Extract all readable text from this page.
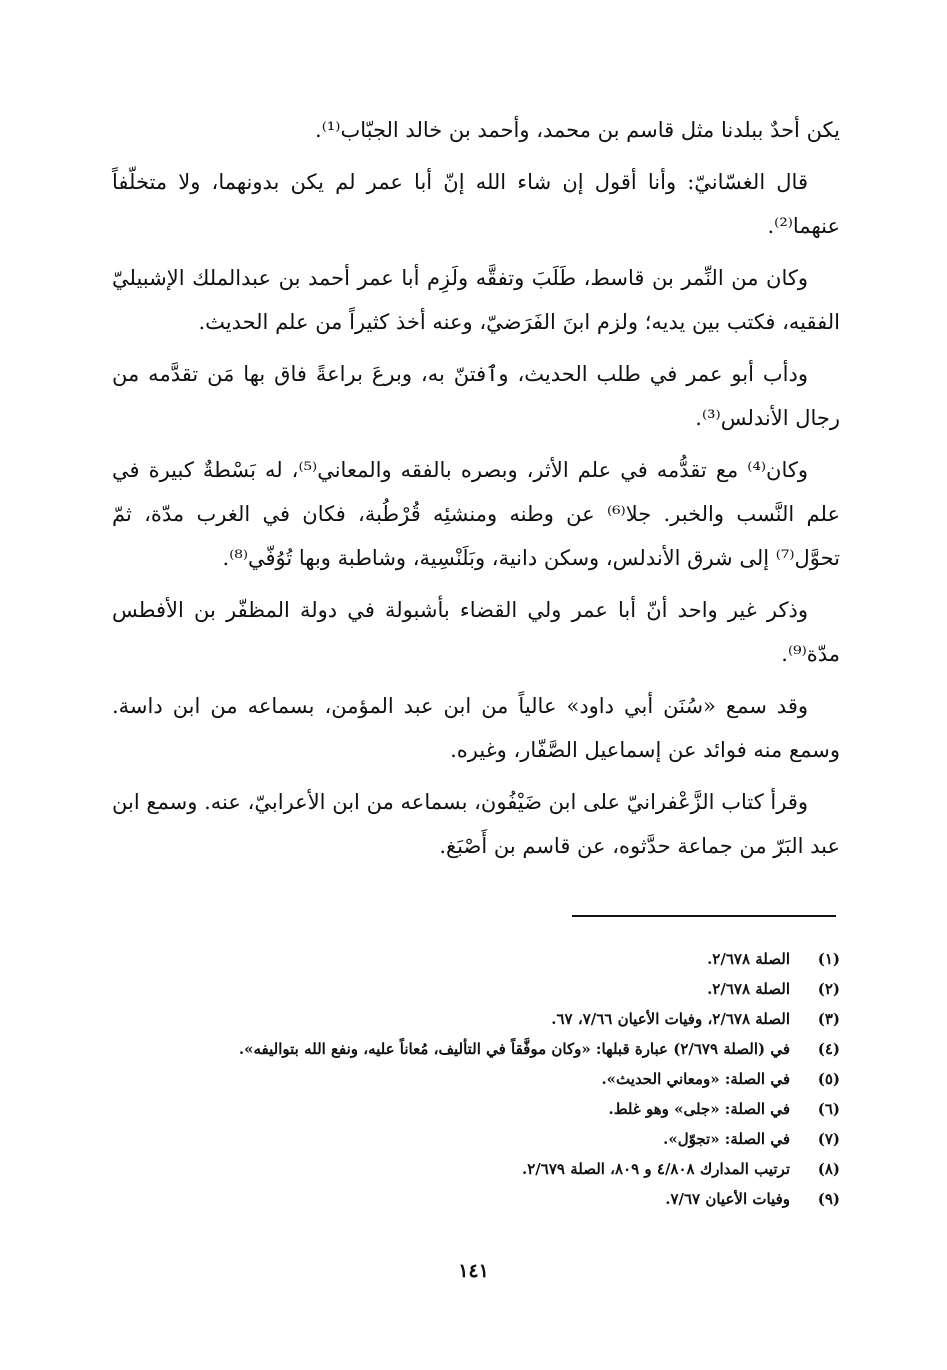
يكن أحدٌ ببلدنا مثل قاسم بن محمد، وأحمد بن خالد الجبّاب⁽¹⁾.

قال الغسّانيّ: وأنا أقول إن شاء الله إنّ أبا عمر لم يكن بدونهما، ولا متخلّفاً عنهما⁽²⁾.

وكان من النِّمر بن قاسط، طَلَبَ وتفقَّه ولَزِم أبا عمر أحمد بن عبدالملك الإشبيليّ الفقيه، فكتب بين يديه؛ ولزم ابنَ الفَرَضيّ، وعنه أخذ كثيراً من علم الحديث.

ودأب أبو عمر في طلب الحديث، وٱفتنّ به، وبرعَ براعةً فاق بها مَن تقدَّمه من رجال الأندلس⁽³⁾.

وكان⁽⁴⁾ مع تقدُّمه في علم الأثر، وبصره بالفقه والمعاني⁽⁵⁾، له بَسْطةٌ كبيرة في علم النَّسب والخبر. جلا⁽⁶⁾ عن وطنه ومنشئِه قُرْطُبة، فكان في الغرب مدّة، ثمّ تحوَّل⁽⁷⁾ إلى شرق الأندلس، وسكن دانية، وبَلَنْسِية، وشاطبة وبها تُوُفّي⁽⁸⁾.

وذكر غير واحد أنّ أبا عمر ولي القضاء بأشبولة في دولة المظفّر بن الأفطس مدّة⁽⁹⁾.

وقد سمع «سُنَن أبي داود» عالياً من ابن عبد المؤمن، بسماعه من ابن داسة. وسمع منه فوائد عن إسماعيل الصَّفّار، وغيره.

وقرأ كتاب الزَّعْفرانيّ على ابن ضَيْفُون، بسماعه من ابن الأعرابيّ، عنه. وسمع ابن عبد البَرّ من جماعة حدَّثوه، عن قاسم بن أَصْبَغ.

(١)
الصلة ٢/٦٧٨.
(٢)
الصلة ٢/٦٧٨.
(٣)
الصلة ٢/٦٧٨، وفيات الأعيان ٧/٦٦، ٦٧.
(٤)
في (الصلة ٢/٦٧٩) عبارة قبلها: «وكان موفَّقاً في التأليف، مُعاناً عليه، ونفع الله بتواليفه».
(٥)
في الصلة: «ومعاني الحديث».
(٦)
في الصلة: «جلى» وهو غلط.
(٧)
في الصلة: «تجوّل».
(٨)
ترتيب المدارك ٤/٨٠٨ و ٨٠٩، الصلة ٢/٦٧٩.
(٩)
وفيات الأعيان ٧/٦٧.
١٤١
